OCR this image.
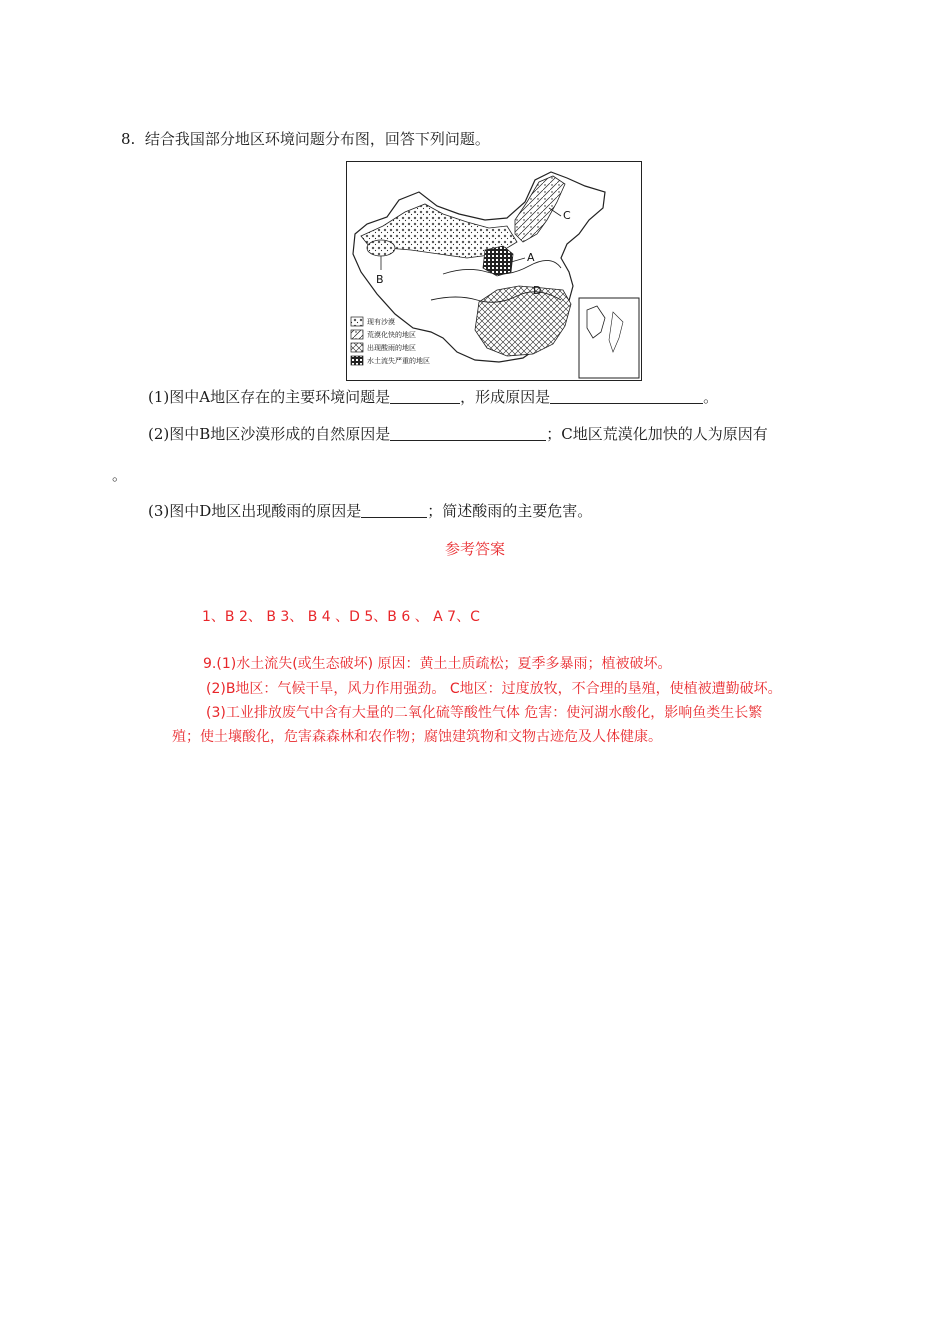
8. 结合我国部分地区环境问题分布图，回答下列问题。
C
A
B
D
现有沙漠
荒漠化快的地区
出现酸雨的地区
水土流失严重的地区
(1)图中A地区存在的主要环境问题是	，形成原因是	。
(2)图中B地区沙漠形成的自然原因是	；C地区荒漠化加快的人为原因有
。
(3)图中D地区出现酸雨的原因是	；简述酸雨的主要危害。
参考答案
1、B 2、 B 3、 B 4 、D 5、B 6 、 A 7、C
9.(1)水土流失(或生态破坏) 原因：黄土土质疏松；夏季多暴雨；植被破坏。
(2)B地区：气候干旱，风力作用强劲。 C地区：过度放牧，不合理的垦殖，使植被遭勤破坏。
(3)工业排放废气中含有大量的二氧化硫等酸性气体 危害：使河湖水酸化，影响鱼类生长繁
殖；使土壤酸化，危害森森林和农作物；腐蚀建筑物和文物古迹危及人体健康。
